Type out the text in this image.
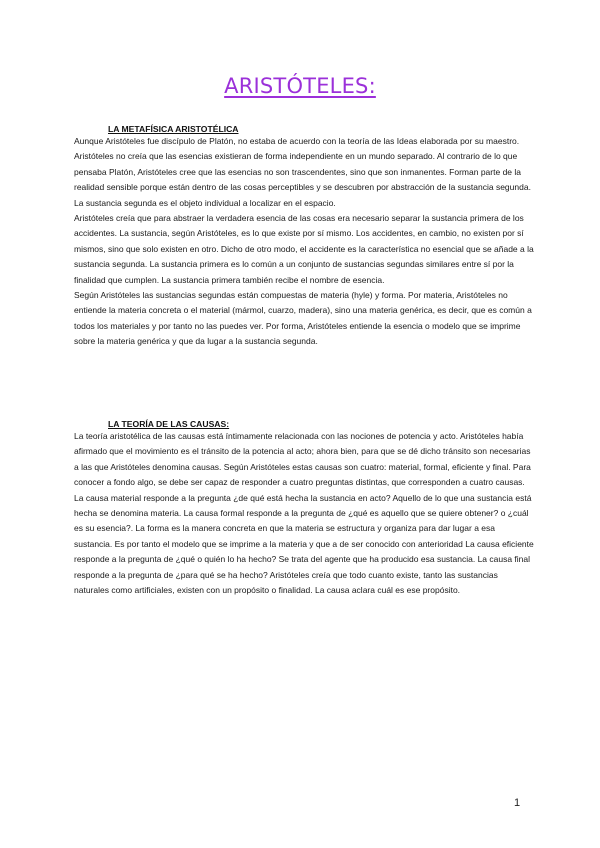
ARISTÓTELES:
LA METAFÍSICA ARISTOTÉLICA

Aunque Aristóteles fue discípulo de Platón, no estaba de acuerdo con la teoría de las Ideas elaborada por su maestro. Aristóteles no creía que las esencias existieran de forma independiente en un mundo separado. Al contrario de lo que pensaba Platón, Aristóteles cree que las esencias no son trascendentes, sino que son inmanentes. Forman parte de la realidad sensible porque están dentro de las cosas perceptibles y se descubren por abstracción de la sustancia segunda. La sustancia segunda es el objeto individual a localizar en el espacio.

Aristóteles creía que para abstraer la verdadera esencia de las cosas era necesario separar la sustancia primera de los accidentes. La sustancia, según Aristóteles, es lo que existe por sí mismo. Los accidentes, en cambio, no existen por sí mismos, sino que solo existen en otro. Dicho de otro modo, el accidente es la característica no esencial que se añade a la sustancia segunda. La sustancia primera es lo común a un conjunto de sustancias segundas similares entre sí por la finalidad que cumplen. La sustancia primera también recibe el nombre de esencia.

Según Aristóteles las sustancias segundas están compuestas de materia (hyle) y forma. Por materia, Aristóteles no entiende la materia concreta o el material (mármol, cuarzo, madera), sino una materia genérica, es decir, que es común a todos los materiales y por tanto no las puedes ver. Por forma, Aristóteles entiende la esencia o modelo que se imprime sobre la materia genérica y que da lugar a la sustancia segunda.

LA TEORÍA DE LAS CAUSAS:

La teoría aristotélica de las causas está íntimamente relacionada con las nociones de potencia y acto. Aristóteles había afirmado que el movimiento es el tránsito de la potencia al acto; ahora bien, para que se dé dicho tránsito son necesarias a las que Aristóteles denomina causas. Según Aristóteles estas causas son cuatro: material, formal, eficiente y final. Para conocer a fondo algo, se debe ser capaz de responder a cuatro preguntas distintas, que corresponden a cuatro causas. La causa material responde a la pregunta ¿de qué está hecha la sustancia en acto? Aquello de lo que una sustancia está hecha se denomina materia. La causa formal responde a la pregunta de ¿qué es aquello que se quiere obtener? o ¿cuál es su esencia?. La forma es la manera concreta en que la materia se estructura y organiza para dar lugar a esa sustancia. Es por tanto el modelo que se imprime a la materia y que a de ser conocido con anterioridad La causa eficiente responde a la pregunta de ¿qué o quién lo ha hecho? Se trata del agente que ha producido esa sustancia. La causa final responde a la pregunta de ¿para qué se ha hecho? Aristóteles creía que todo cuanto existe, tanto las sustancias naturales como artificiales, existen con un propósito o finalidad. La causa aclara cuál es ese propósito.

1
